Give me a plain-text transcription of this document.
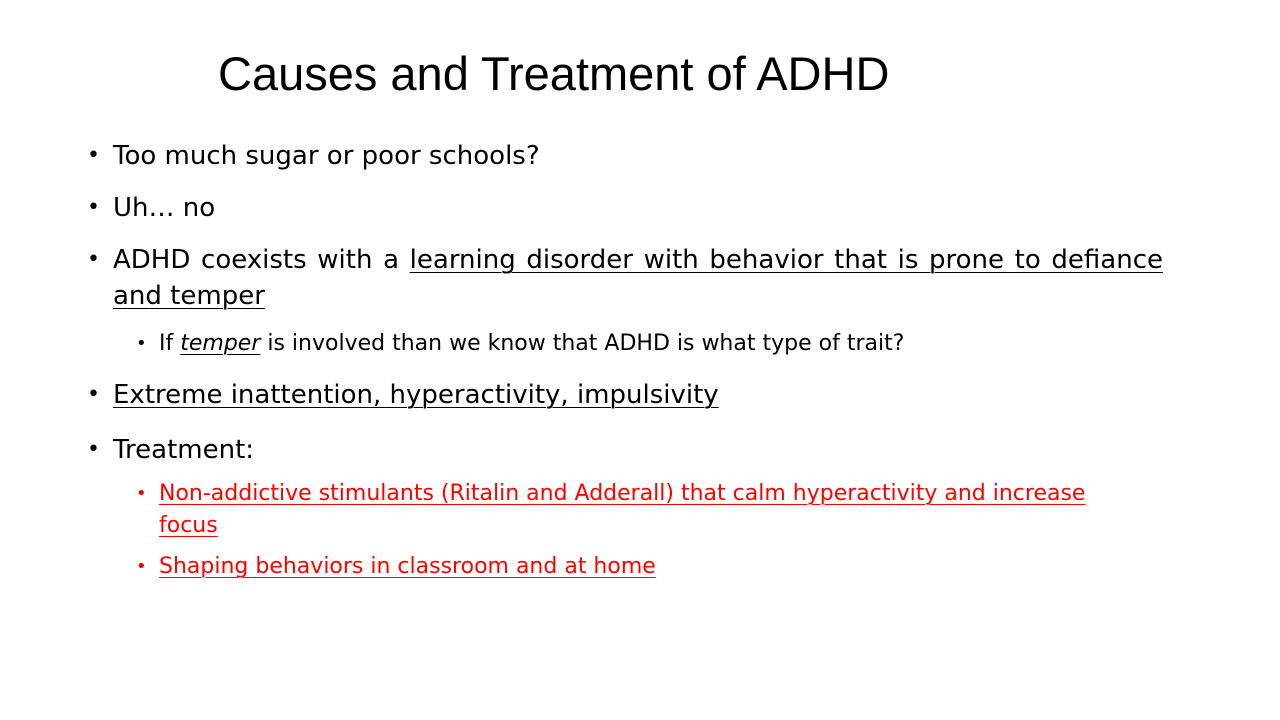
Causes and Treatment of ADHD
• Too much sugar or poor schools?
• Uh… no
• ADHD coexists with a learning disorder with behavior that is prone to defiance and temper
• If temper is involved than we know that ADHD is what type of trait?
• Extreme inattention, hyperactivity, impulsivity
• Treatment:
• Non-addictive stimulants (Ritalin and Adderall) that calm hyperactivity and increase focus
• Shaping behaviors in classroom and at home
